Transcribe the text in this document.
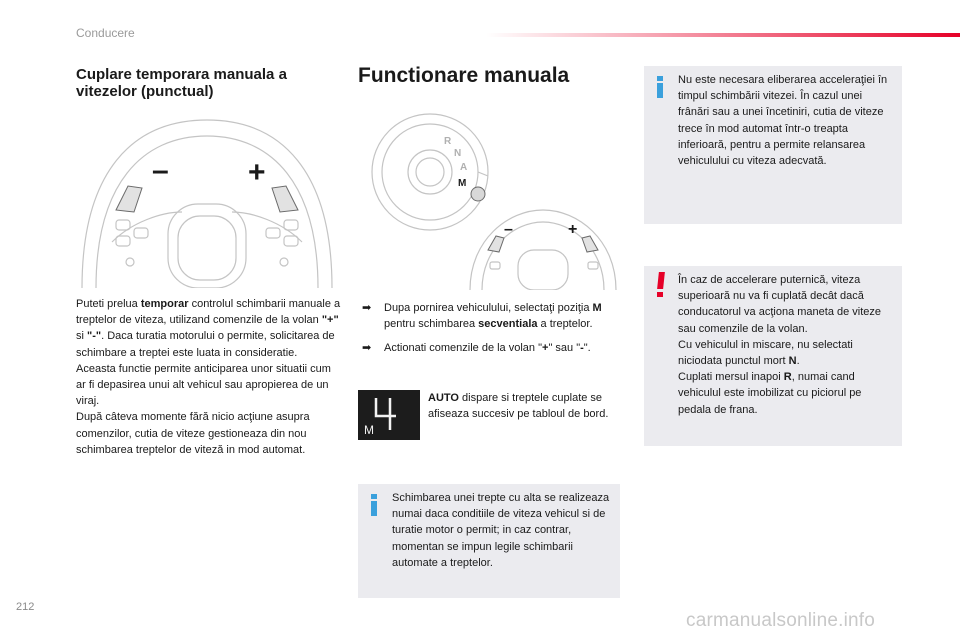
Conducere
Cuplare temporara manuala a vitezelor (punctual)
–	+

Puteti prelua temporar controlul schimbarii manuale a treptelor de viteza, utilizand comenzile de la volan "+" si "-". Daca turatia motorului o permite, solicitarea de schimbare a treptei este luata in consideratie.

Aceasta functie permite anticiparea unor situatii cum ar fi depasirea unui alt vehicul sau apropierea de un viraj.

După câteva momente fără nicio acţiune asupra comenzilor, cutia de viteze gestioneaza din nou schimbarea treptelor de viteză in mod automat.

Functionare manuala
R
N
A
M
–	+
➡ Dupa pornirea vehiculului, selectaţi poziţia M pentru schimbarea secventiala a treptelor.
➡ Actionati comenzile de la volan "+" sau "-".
M
AUTO dispare si treptele cuplate se afiseaza succesiv pe tabloul de bord.

Schimbarea unei trepte cu alta se realizeaza numai daca conditiile de viteza vehicul si de turatie motor o permit; in caz contrar, momentan se impun legile schimbarii automate a treptelor.

Nu este necesara eliberarea acceleraţiei în timpul schimbării vitezei. În cazul unei frânări sau a unei încetiniri, cutia de viteze trece în mod automat într-o treapta inferioară, pentru a permite relansarea vehiculului cu viteza adecvată.

În caz de accelerare puternică, viteza superioară nu va fi cuplată decât dacă conducatorul va acţiona maneta de viteze sau comenzile de la volan.

Cu vehiculul in miscare, nu selectati niciodata punctul mort N.

Cuplati mersul inapoi R, numai cand vehiculul este imobilizat cu piciorul pe pedala de frana.

212
carmanualsonline.info
